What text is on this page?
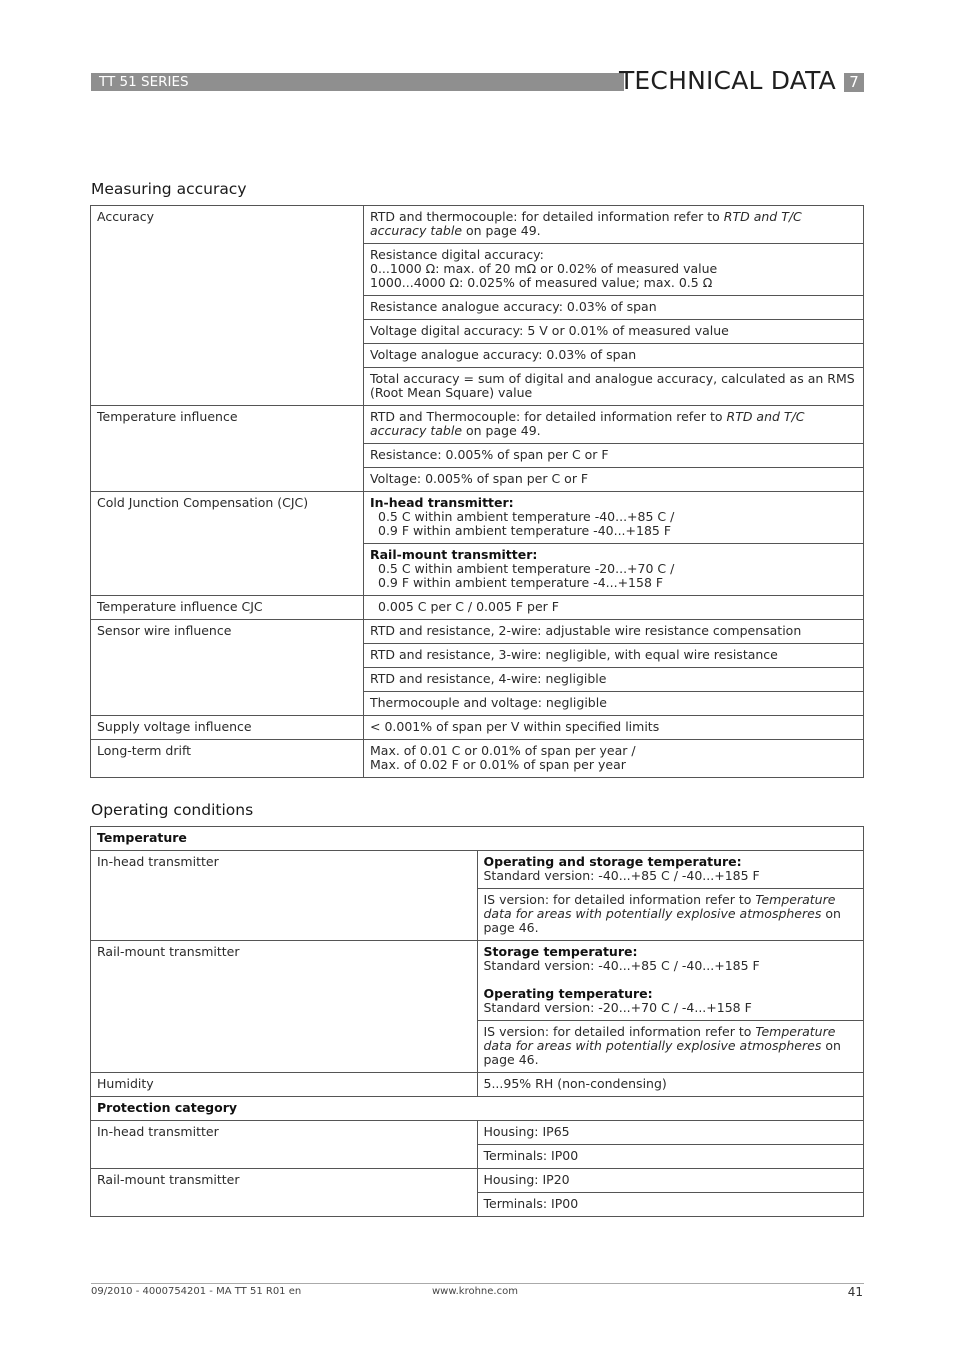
TT 51 SERIES	TECHNICAL DATA 7
Measuring accuracy
Accuracy	RTD and thermocouple: for detailed information refer to RTD and T/C accuracy table on page 49.

	Resistance digital accuracy:
0...1000 Ω: max. of 20 mΩ or 0.02% of measured value
1000...4000 Ω: 0.025% of measured value; max. 0.5 Ω

	Resistance analogue accuracy: 0.03% of span
	Voltage digital accuracy: 5 V or 0.01% of measured value
	Voltage analogue accuracy: 0.03% of span
	Total accuracy = sum of digital and analogue accuracy, calculated as an RMS (Root Mean Square) value
Temperature influence	RTD and Thermocouple: for detailed information refer to RTD and T/C accuracy table on page 49.
	Resistance: 0.005% of span per C or F
	Voltage: 0.005% of span per C or F
Cold Junction Compensation (CJC)	In-head transmitter:
0.5 C within ambient temperature -40...+85 C /
0.9 F within ambient temperature -40...+185 F

	Rail-mount transmitter:
0.5 C within ambient temperature -20...+70 C /
0.9 F within ambient temperature -4...+158 F

Temperature influence CJC	0.005 C per C / 0.005 F per F

Sensor wire influence	RTD and resistance, 2-wire: adjustable wire resistance compensation
	RTD and resistance, 3-wire: negligible, with equal wire resistance
	RTD and resistance, 4-wire: negligible
	Thermocouple and voltage: negligible
Supply voltage influence	< 0.001% of span per V within specified limits
Long-term drift	Max. of 0.01 C or 0.01% of span per year /
Max. of 0.02 F or 0.01% of span per year
Operating conditions
Temperature	
In-head transmitter	Operating and storage temperature:
Standard version: -40...+85 C / -40...+185 F

	IS version: for detailed information refer to Temperature data for areas with potentially explosive atmospheres on page 46.
Rail-mount transmitter	Storage temperature:
Standard version: -40...+85 C / -40...+185 F
Operating temperature:
Standard version: -20...+70 C / -4...+158 F

	IS version: for detailed information refer to Temperature data for areas with potentially explosive atmospheres on page 46.
Humidity	5...95% RH (non-condensing)
Protection category	
In-head transmitter	Housing: IP65
	Terminals: IP00
Rail-mount transmitter	Housing: IP20
	Terminals: IP00
09/2010 - 4000754201 - MA TT 51 R01 en	www.krohne.com	41
